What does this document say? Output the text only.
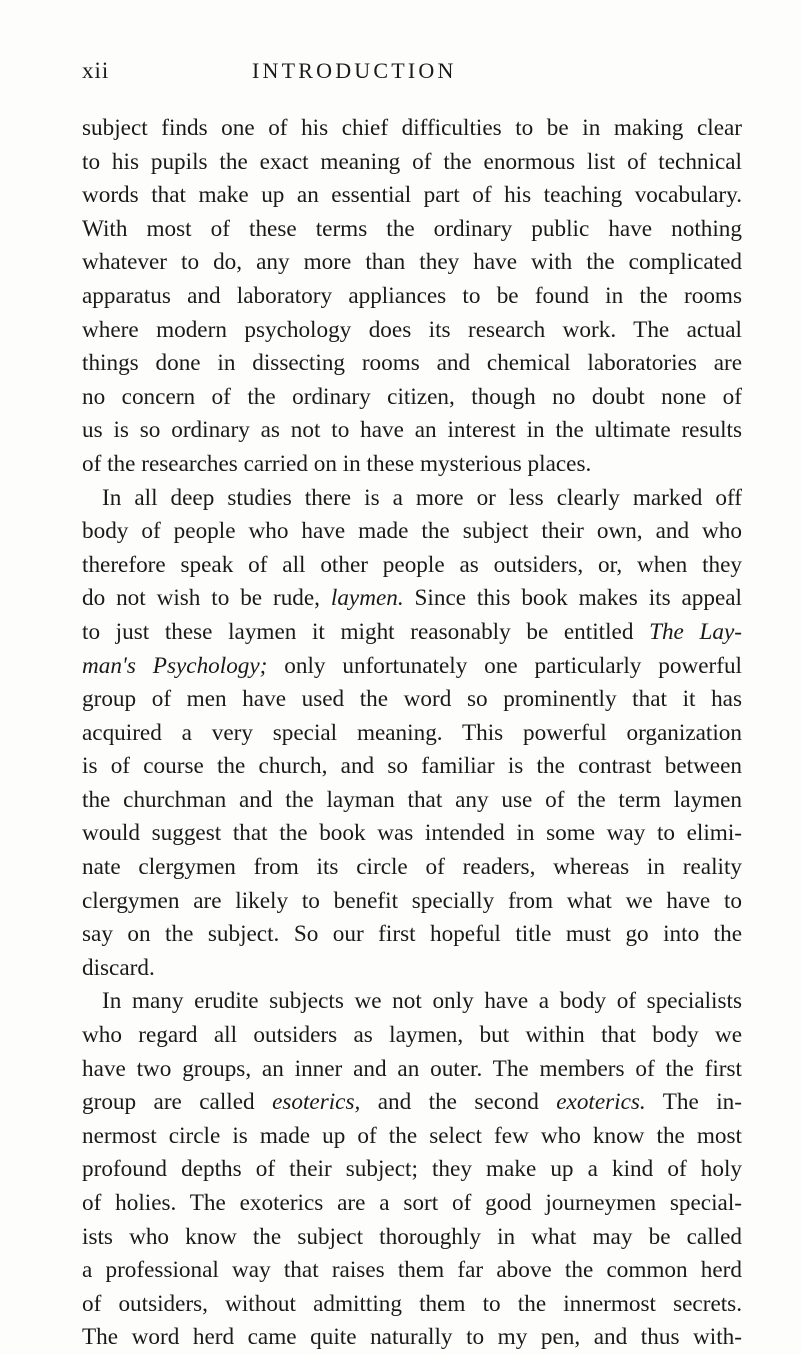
xii	INTRODUCTION
subject finds one of his chief difficulties to be in making clear
to his pupils the exact meaning of the enormous list of technical
words that make up an essential part of his teaching vocabulary.
With most of these terms the ordinary public have nothing
whatever to do, any more than they have with the complicated
apparatus and laboratory appliances to be found in the rooms
where modern psychology does its research work. The actual
things done in dissecting rooms and chemical laboratories are
no concern of the ordinary citizen, though no doubt none of
us is so ordinary as not to have an interest in the ultimate results
of the researches carried on in these mysterious places.
In all deep studies there is a more or less clearly marked off
body of people who have made the subject their own, and who
therefore speak of all other people as outsiders, or, when they
do not wish to be rude, laymen. Since this book makes its appeal
to just these laymen it might reasonably be entitled The Lay-
man's Psychology; only unfortunately one particularly powerful
group of men have used the word so prominently that it has
acquired a very special meaning. This powerful organization
is of course the church, and so familiar is the contrast between
the churchman and the layman that any use of the term laymen
would suggest that the book was intended in some way to elimi-
nate clergymen from its circle of readers, whereas in reality
clergymen are likely to benefit specially from what we have to
say on the subject. So our first hopeful title must go into the
discard.
In many erudite subjects we not only have a body of specialists
who regard all outsiders as laymen, but within that body we
have two groups, an inner and an outer. The members of the first
group are called esoterics, and the second exoterics. The in-
nermost circle is made up of the select few who know the most
profound depths of their subject; they make up a kind of holy
of holies. The exoterics are a sort of good journeymen special-
ists who know the subject thoroughly in what may be called
a professional way that raises them far above the common herd
of outsiders, without admitting them to the innermost secrets.
The word herd came quite naturally to my pen, and thus with-
